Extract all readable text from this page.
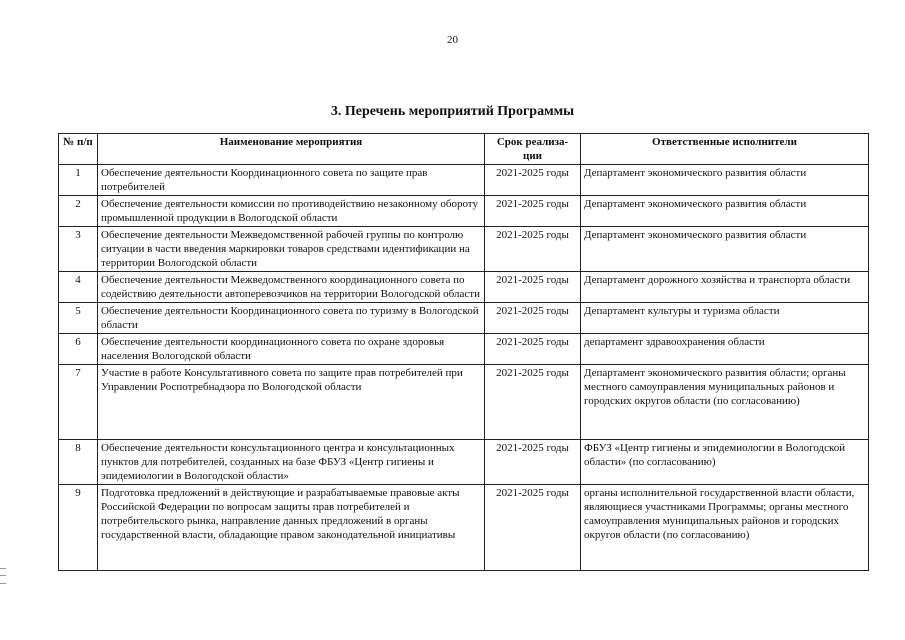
20
3. Перечень мероприятий Программы
№ п/п	Наименование мероприятия	Срок реализа- ции	Ответственные исполнители
1	Обеспечение деятельности Координационного совета по защите прав потребителей	2021-2025 годы	Департамент экономического развития области
2	Обеспечение деятельности комиссии по противодействию незаконному обороту промышленной продукции в Вологодской области	2021-2025 годы	Департамент экономического развития области
3	Обеспечение деятельности Межведомственной рабочей группы по контролю ситуации в части введения маркировки товаров средствами идентификации на территории Вологодской области	2021-2025 годы	Департамент экономического развития области
4	Обеспечение деятельности Межведомственного координационного совета по содействию деятельности автоперевозчиков на территории Вологодской области	2021-2025 годы	Департамент дорожного хозяйства и транспорта области
5	Обеспечение деятельности Координационного совета по туризму в Вологодской области	2021-2025 годы	Департамент культуры и туризма области
6	Обеспечение деятельности координационного совета по охране здоровья населения Вологодской области	2021-2025 годы	департамент здравоохранения области
7	Участие в работе Консультативного совета по защите прав потребителей при Управлении Роспотребнадзора по Вологодской области	2021-2025 годы	Департамент экономического развития области; органы местного самоуправления муниципальных районов и городских округов области (по согласованию)
8	Обеспечение деятельности консультационного центра и консультационных пунктов для потребителей, созданных на базе ФБУЗ «Центр гигиены и эпидемиологии в Вологодской области»	2021-2025 годы	ФБУЗ «Центр гигиены и эпидемиологии в Вологодской области» (по согласованию)
9	Подготовка предложений в действующие и разрабатываемые правовые акты Российской Федерации по вопросам защиты прав потребителей и потребительского рынка, направление данных предложений в органы государственной власти, обладающие правом законодательной инициативы	2021-2025 годы	органы исполнительной государственной власти области, являющиеся участниками Программы; органы местного самоуправления муниципальных районов и городских округов области (по согласованию)
